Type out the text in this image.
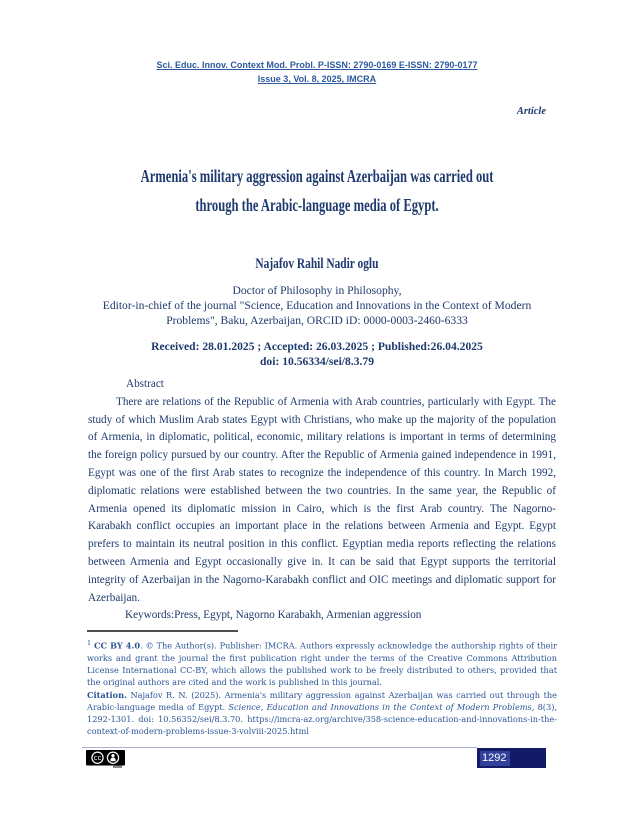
Sci. Educ. Innov. Context Mod. Probl. P-ISSN: 2790-0169 E-ISSN: 2790-0177
Issue 3, Vol. 8, 2025, IMCRA
Article
Armenia's military aggression against Azerbaijan was carried out
through the Arabic-language media of Egypt.
Najafov Rahil Nadir oglu
Doctor of Philosophy in Philosophy,
Editor-in-chief of the journal "Science, Education and Innovations in the Context of Modern
Problems", Baku, Azerbaijan, ORCID iD: 0000-0003-2460-6333
Received: 28.01.2025 ; Accepted: 26.03.2025 ; Published:26.04.2025
doi: 10.56334/sei/8.3.79
Abstract

There are relations of the Republic of Armenia with Arab countries, particularly with Egypt. The study of which Muslim Arab states Egypt with Christians, who make up the majority of the population of Armenia, in diplomatic, political, economic, military relations is important in terms of determining the foreign policy pursued by our country. After the Republic of Armenia gained independence in 1991, Egypt was one of the first Arab states to recognize the independence of this country. In March 1992, diplomatic relations were established between the two countries. In the same year, the Republic of Armenia opened its diplomatic mission in Cairo, which is the first Arab country. The Nagorno-Karabakh conflict occupies an important place in the relations between Armenia and Egypt. Egypt prefers to maintain its neutral position in this conflict. Egyptian media reports reflecting the relations between Armenia and Egypt occasionally give in. It can be said that Egypt supports the territorial integrity of Azerbaijan in the Nagorno-Karabakh conflict and OIC meetings and diplomatic support for Azerbaijan.

Keywords:Press, Egypt, Nagorno Karabakh, Armenian aggression

$^1$ CC BY 4.0. © The Author(s). Publisher: IMCRA. Authors expressly acknowledge the authorship rights of their works and grant the journal the first publication right under the terms of the Creative Commons Attribution License International CC-BY, which allows the published work to be freely distributed to others, provided that the original authors are cited and the work is published in this journal.

Citation. Najafov R. N. (2025). Armenia's military aggression against Azerbaijan was carried out through the Arabic-language media of Egypt. Science, Education and Innovations in the Context of Modern Problems, 8(3), 1292-1301. doi: 10.56352/sei/8.3.70. https://imcra-az.org/archive/358-science-education-and-innovations-in-the-context-of-modern-problems-issue-3-volviii-2025.html

cc	1292
